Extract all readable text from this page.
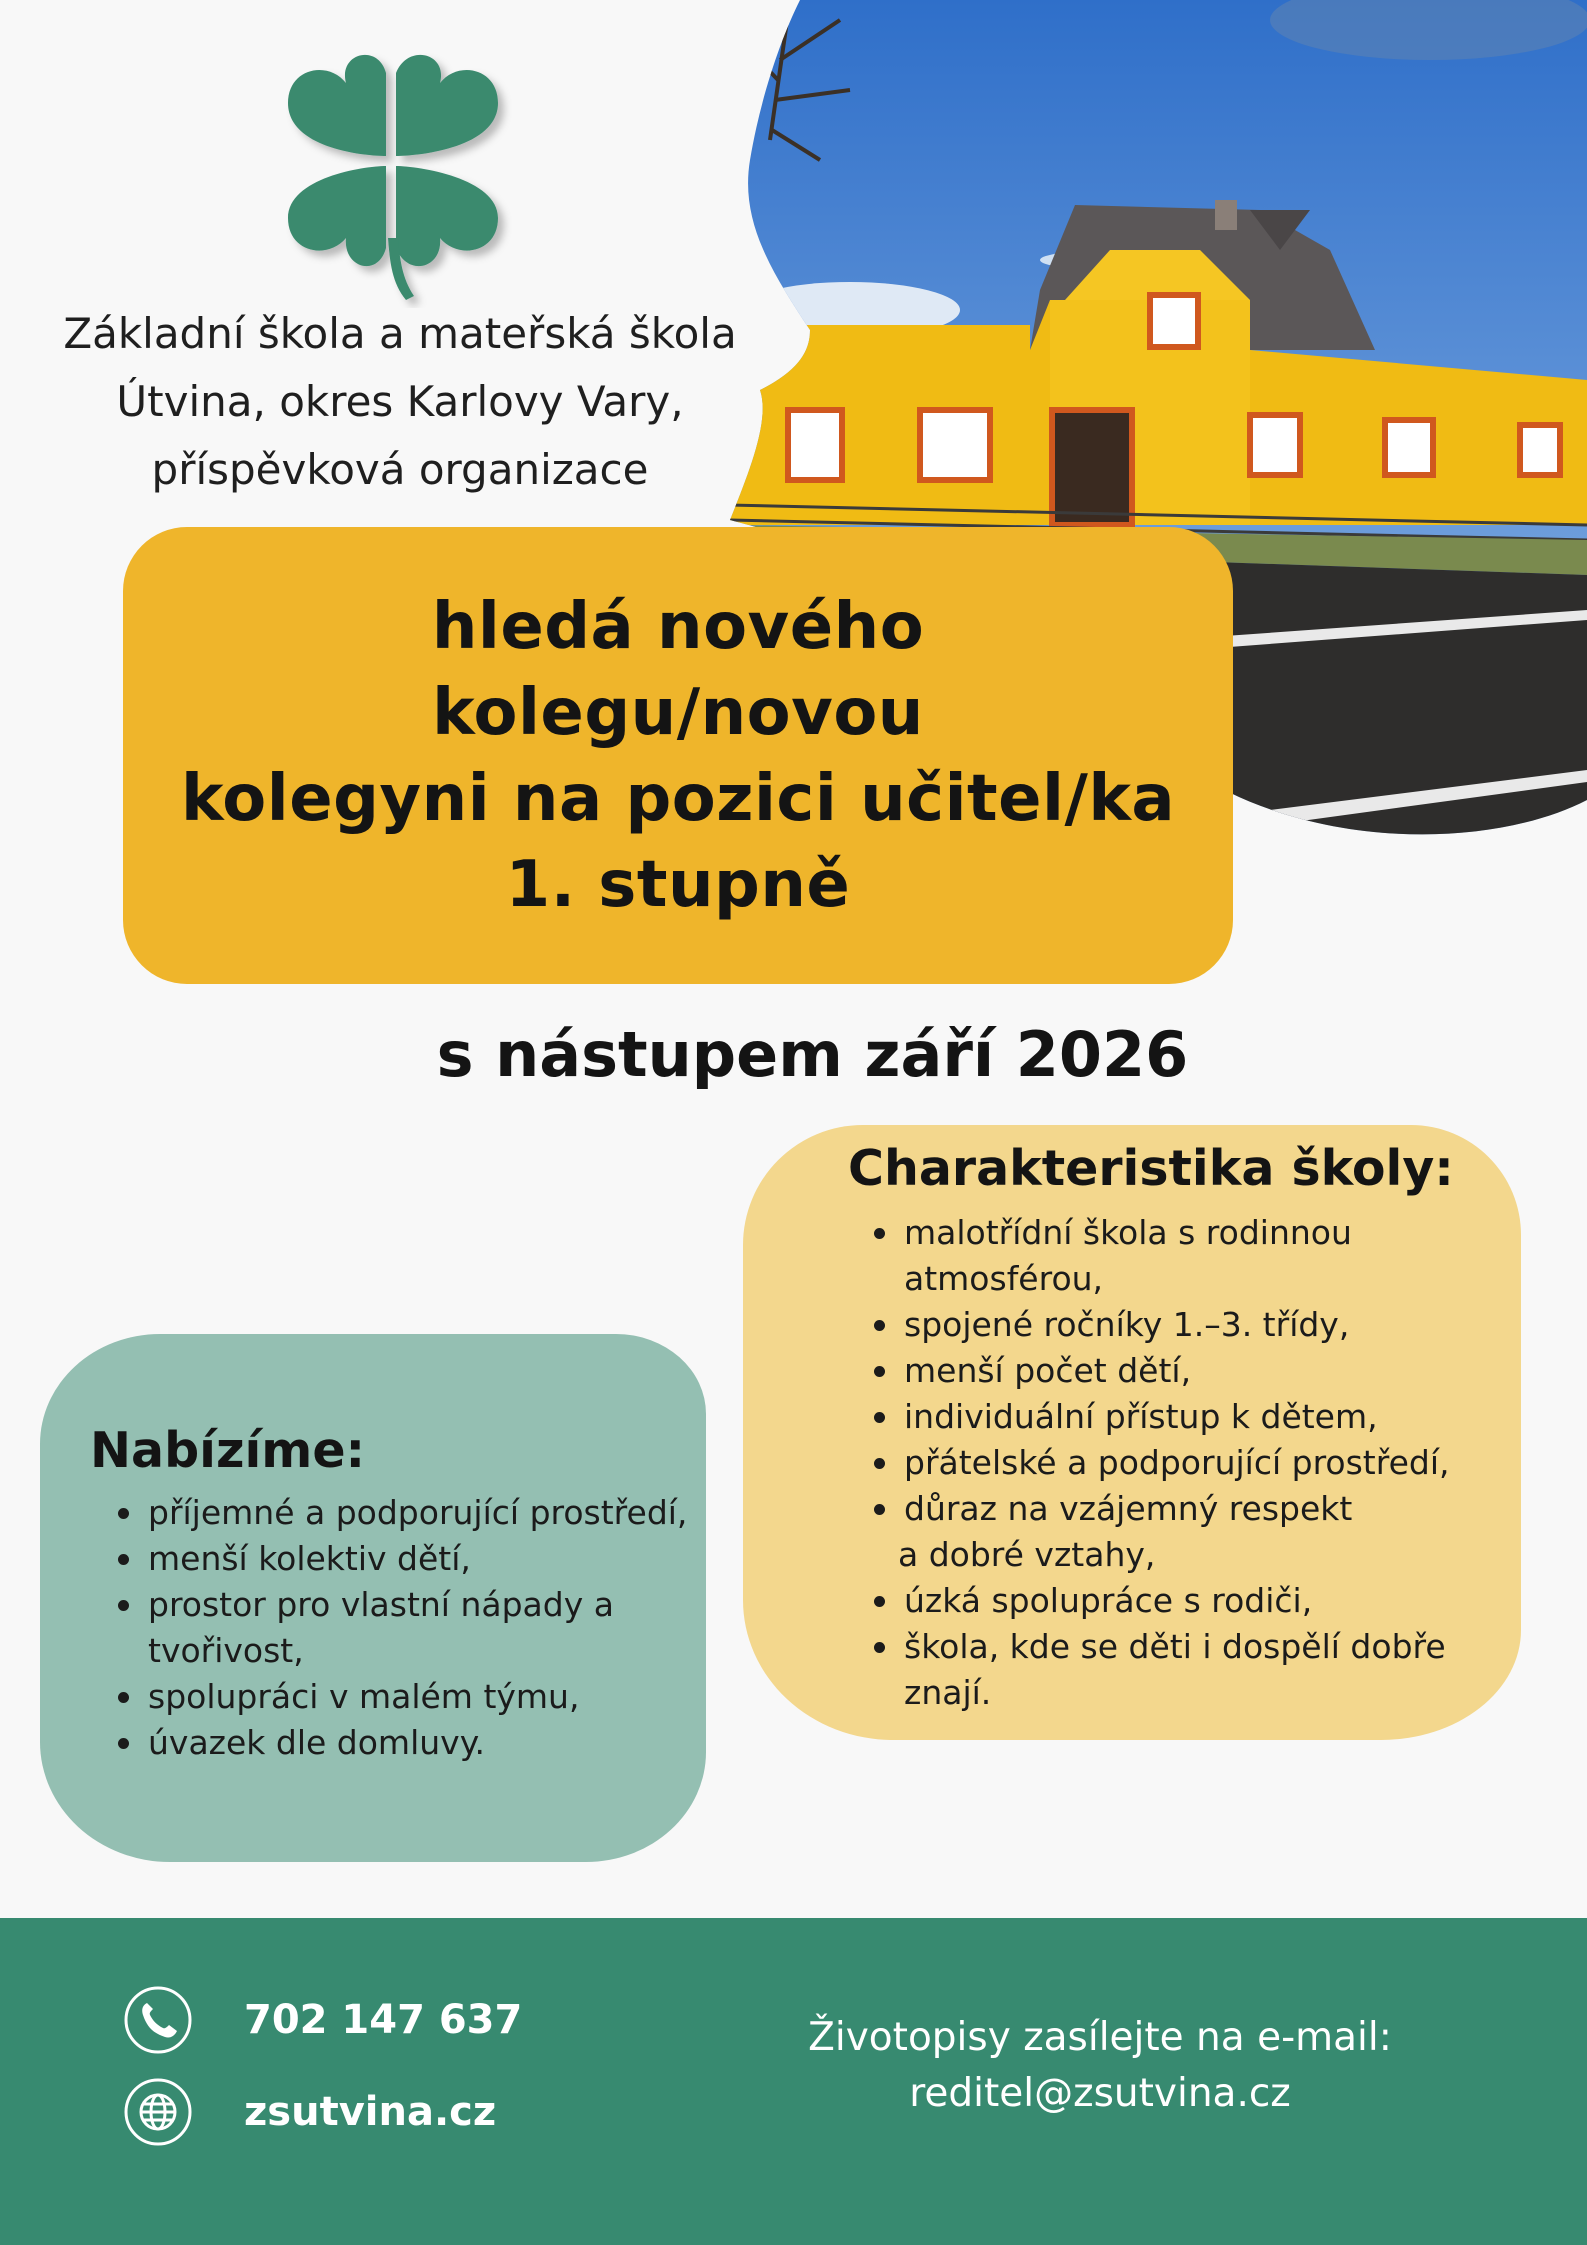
Základní škola a mateřská škola
Útvina, okres Karlovy Vary,
příspěvková organizace
hledá nového kolegu/novou
kolegyni na pozici učitel/ka
1. stupně
s nástupem září 2026
Charakteristika školy:
malotřídní škola s rodinnou
atmosférou,
spojené ročníky 1.–3. třídy,
menší počet dětí,
individuální přístup k dětem,
přátelské a podporující prostředí,
důraz na vzájemný respekt
a dobré vztahy,
úzká spolupráce s rodiči,
škola, kde se děti i dospělí dobře
znají.
Nabízíme:
příjemné a podporující prostředí,
menší kolektiv dětí,
prostor pro vlastní nápady a
tvořivost,
spolupráci v malém týmu,
úvazek dle domluvy.
702 147 637
zsutvina.cz
Životopisy zasílejte na e-mail:
reditel@zsutvina.cz
